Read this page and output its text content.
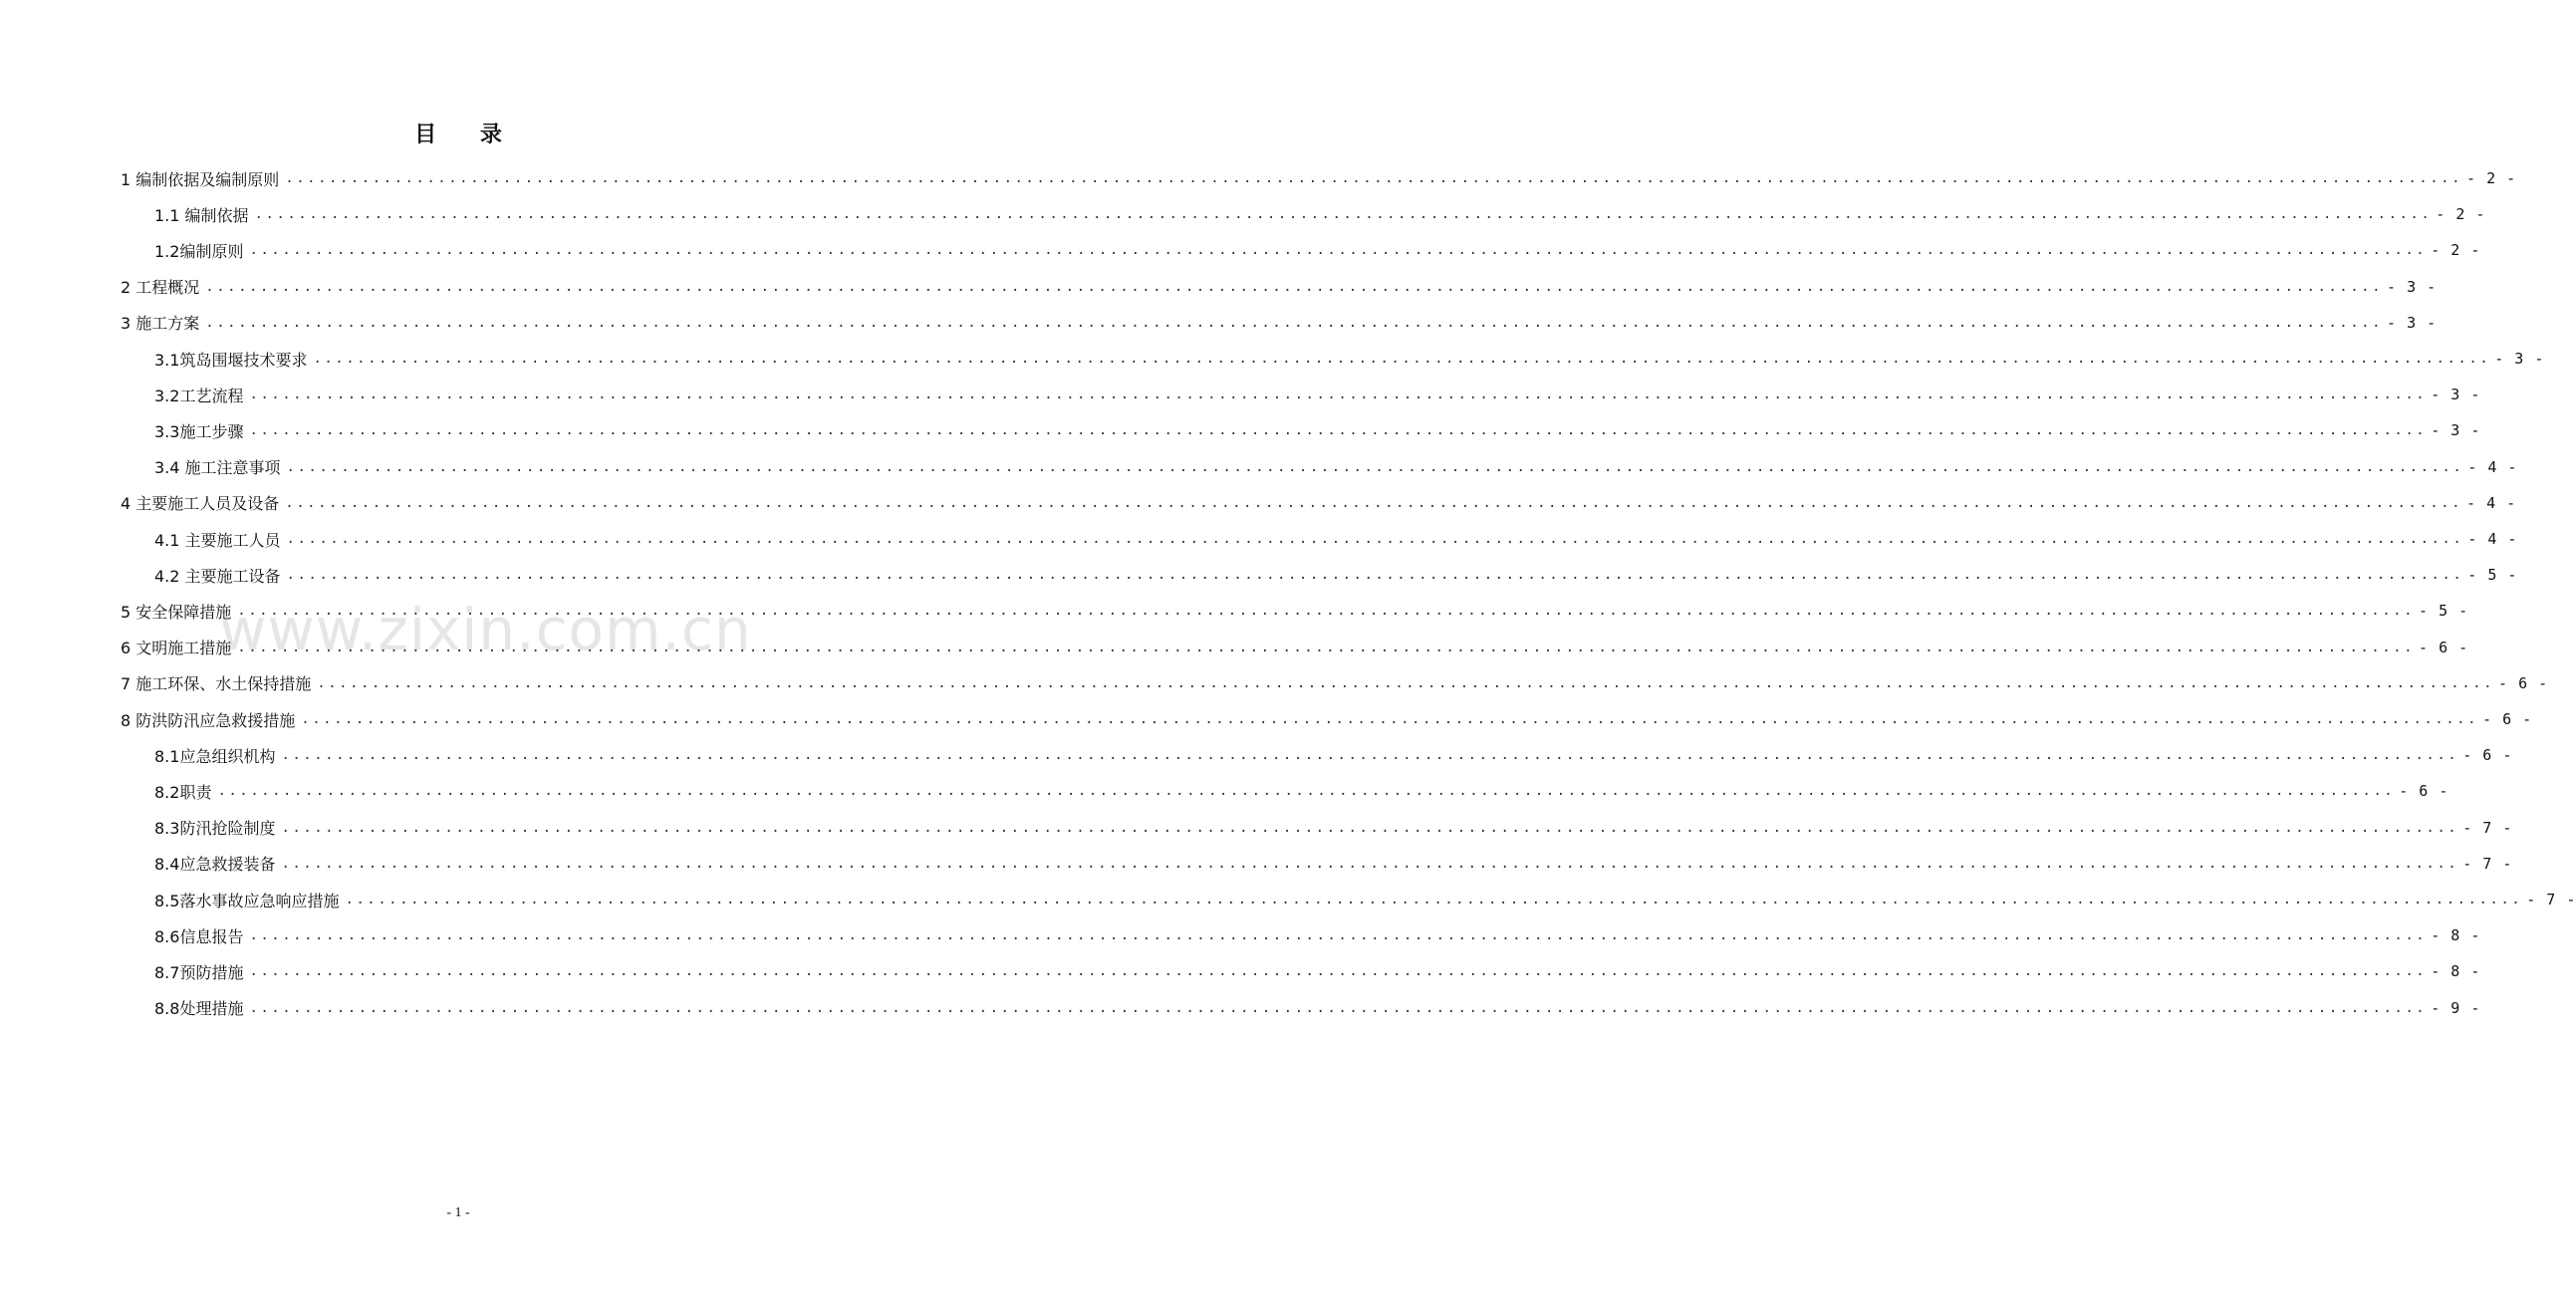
www.zixin.com.cn
目 录
1 编制依据及编制原则 ........................................................................................................................................................................................................ - 2 -
1.1 编制依据 ........................................................................................................................................................................................................ - 2 -
1.2编制原则 ........................................................................................................................................................................................................ - 2 -
2 工程概况 ........................................................................................................................................................................................................ - 3 -
3 施工方案 ........................................................................................................................................................................................................ - 3 -
3.1筑岛围堰技术要求 ........................................................................................................................................................................................................ - 3 -
3.2工艺流程 ........................................................................................................................................................................................................ - 3 -
3.3施工步骤 ........................................................................................................................................................................................................ - 3 -
3.4 施工注意事项 ........................................................................................................................................................................................................ - 4 -
4 主要施工人员及设备 ........................................................................................................................................................................................................ - 4 -
4.1 主要施工人员 ........................................................................................................................................................................................................ - 4 -
4.2 主要施工设备 ........................................................................................................................................................................................................ - 5 -
5 安全保障措施 ........................................................................................................................................................................................................ - 5 -
6 文明施工措施 ........................................................................................................................................................................................................ - 6 -
7 施工环保、水土保持措施 ........................................................................................................................................................................................................ - 6 -
8 防洪防汛应急救援措施 ........................................................................................................................................................................................................ - 6 -
8.1应急组织机构 ........................................................................................................................................................................................................ - 6 -
8.2职责 ........................................................................................................................................................................................................ - 6 -
8.3防汛抢险制度 ........................................................................................................................................................................................................ - 7 -
8.4应急救援装备 ........................................................................................................................................................................................................ - 7 -
8.5落水事故应急响应措施 ........................................................................................................................................................................................................ - 7 -
8.6信息报告 ........................................................................................................................................................................................................ - 8 -
8.7预防措施 ........................................................................................................................................................................................................ - 8 -
8.8处理措施 ........................................................................................................................................................................................................ - 9 -
- 1 -
